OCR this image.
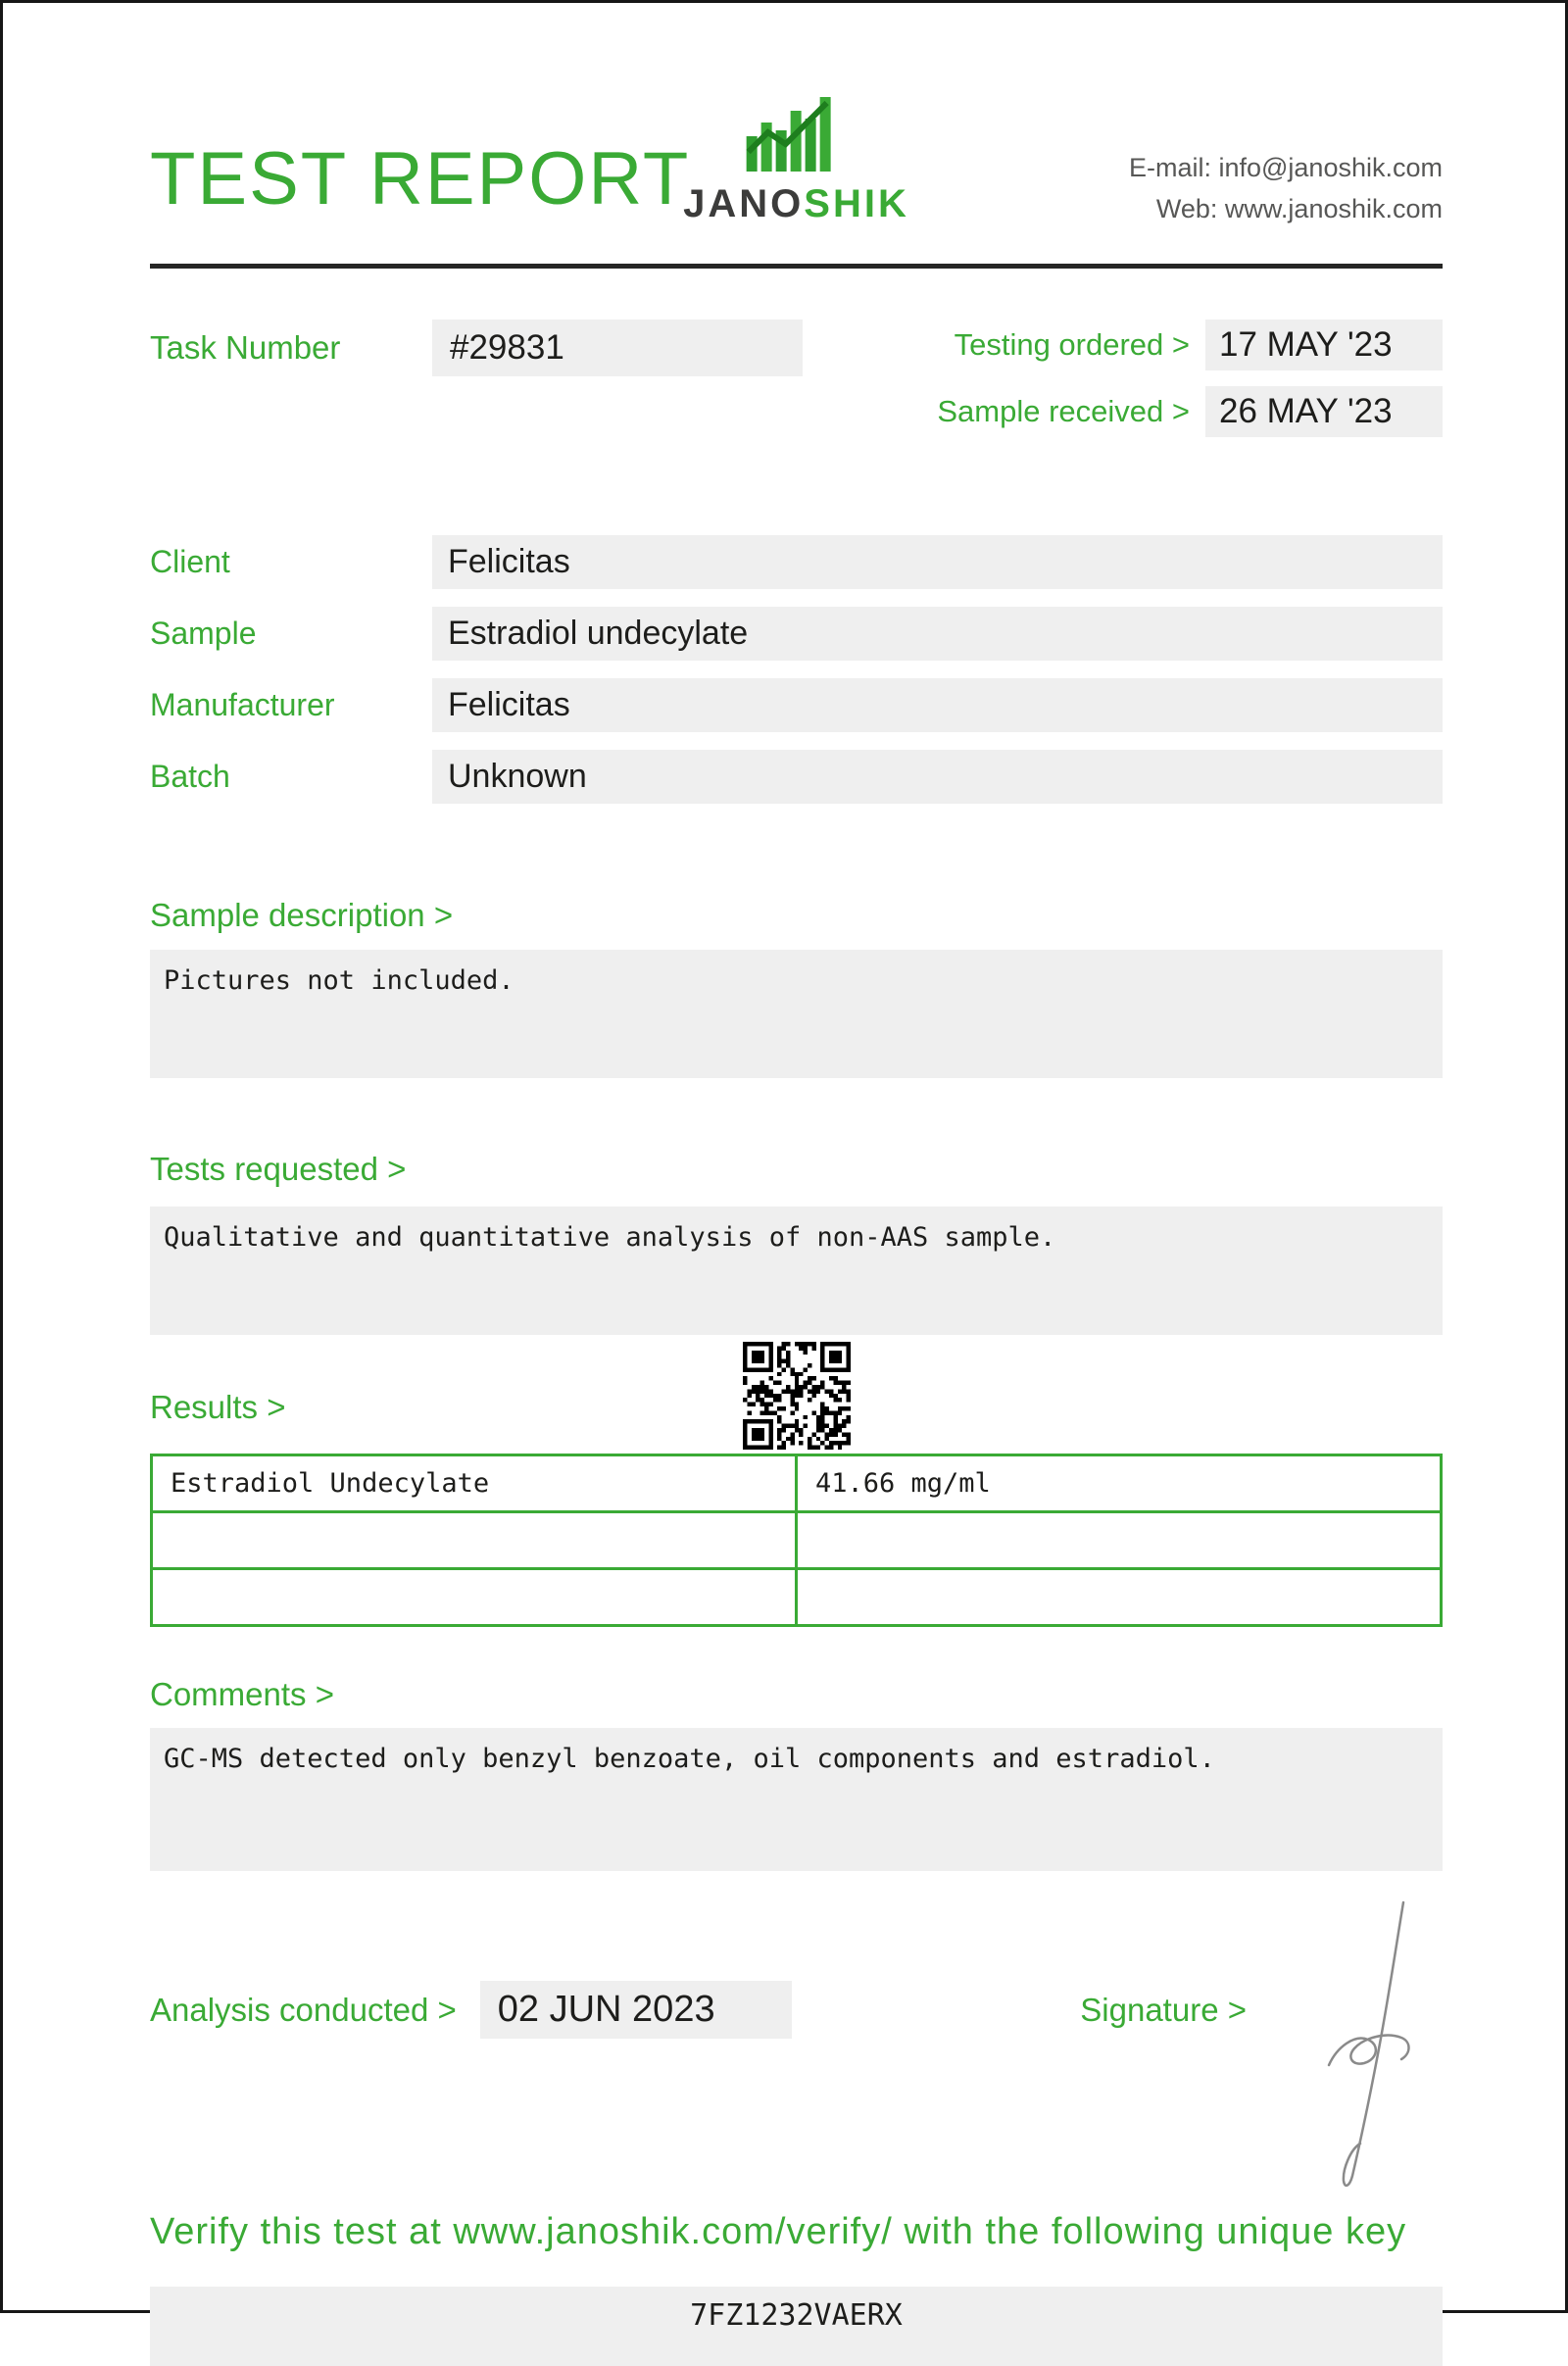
TEST REPORT
JANOSHIK
E-mail: info@janoshik.com
Web: www.janoshik.com
Task Number	#29831	Testing ordered > 17 MAY '23
Sample received > 26 MAY '23
Client	Felicitas
Sample	Estradiol undecylate
Manufacturer	Felicitas
Batch	Unknown
Sample description >
Pictures not included.
Tests requested >
Qualitative and quantitative analysis of non-AAS sample.
Results >
Estradiol Undecylate	41.66 mg/ml

Comments >
GC-MS detected only benzyl benzoate, oil components and estradiol.
Analysis conducted >	02 JUN 2023	Signature >
Verify this test at www.janoshik.com/verify/ with the following unique key
7FZ1232VAERX
